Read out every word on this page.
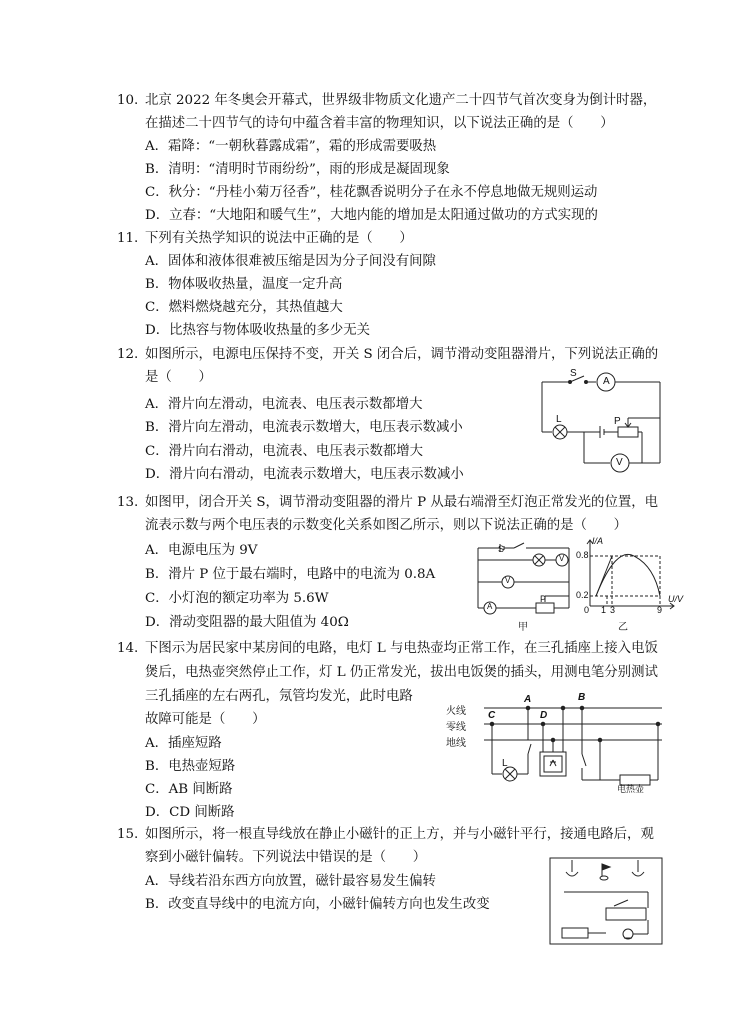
10. 北京 2022 年冬奥会开幕式，世界级非物质文化遗产二十四节气首次变身为倒计时器，
在描述二十四节气的诗句中蕴含着丰富的物理知识，以下说法正确的是（　　）
A．霜降：“一朝秋暮露成霜”，霜的形成需要吸热
B．清明：“清明时节雨纷纷”，雨的形成是凝固现象
C．秋分：“丹桂小菊万径香”，桂花飘香说明分子在永不停息地做无规则运动
D．立春：“大地阳和暖气生”，大地内能的增加是太阳通过做功的方式实现的
11. 下列有关热学知识的说法中正确的是（　　）
A．固体和液体很难被压缩是因为分子间没有间隙
B．物体吸收热量，温度一定升高
C．燃料燃烧越充分，其热值越大
D．比热容与物体吸收热量的多少无关
12. 如图所示，电源电压保持不变，开关 S 闭合后，调节滑动变阻器滑片，下列说法正确的
是（　　）
A．滑片向左滑动，电流表、电压表示数都增大
B．滑片向左滑动，电流表示数增大，电压表示数减小
C．滑片向右滑动，电流表、电压表示数都增大
D．滑片向右滑动，电流表示数增大，电压表示数减小
S
A
L	P
V
13. 如图甲，闭合开关 S，调节滑动变阻器的滑片 P 从最右端滑至灯泡正常发光的位置，电
流表示数与两个电压表的示数变化关系如图乙所示，则以下说法正确的是（　　）
A．电源电压为 9V
B．滑片 P 位于最右端时，电路中的电流为 0.8A
C．小灯泡的额定功率为 5.6W
D．滑动变阻器的最大阻值为 40Ω
S
V
V
A
P
甲
I/A
U/V
0.8
0.2
0 1 3	9
乙
14. 下图示为居民家中某房间的电路，电灯 L 与电热壶均正常工作，在三孔插座上接入电饭
煲后，电热壶突然停止工作，灯 L 仍正常发光，拔出电饭煲的插头，用测电笔分别测试
三孔插座的左右两孔，氖管均发光，此时电路
故障可能是（　　）
A．插座短路
B．电热壶短路
C．AB 间断路
D．CD 间断路
火线
零线
地线
A	B
C	D
L
电热壶
15. 如图所示，将一根直导线放在静止小磁针的正上方，并与小磁针平行，接通电路后，观
察到小磁针偏转。下列说法中错误的是（　　）
A．导线若沿东西方向放置，磁针最容易发生偏转
B．改变直导线中的电流方向，小磁针偏转方向也发生改变
